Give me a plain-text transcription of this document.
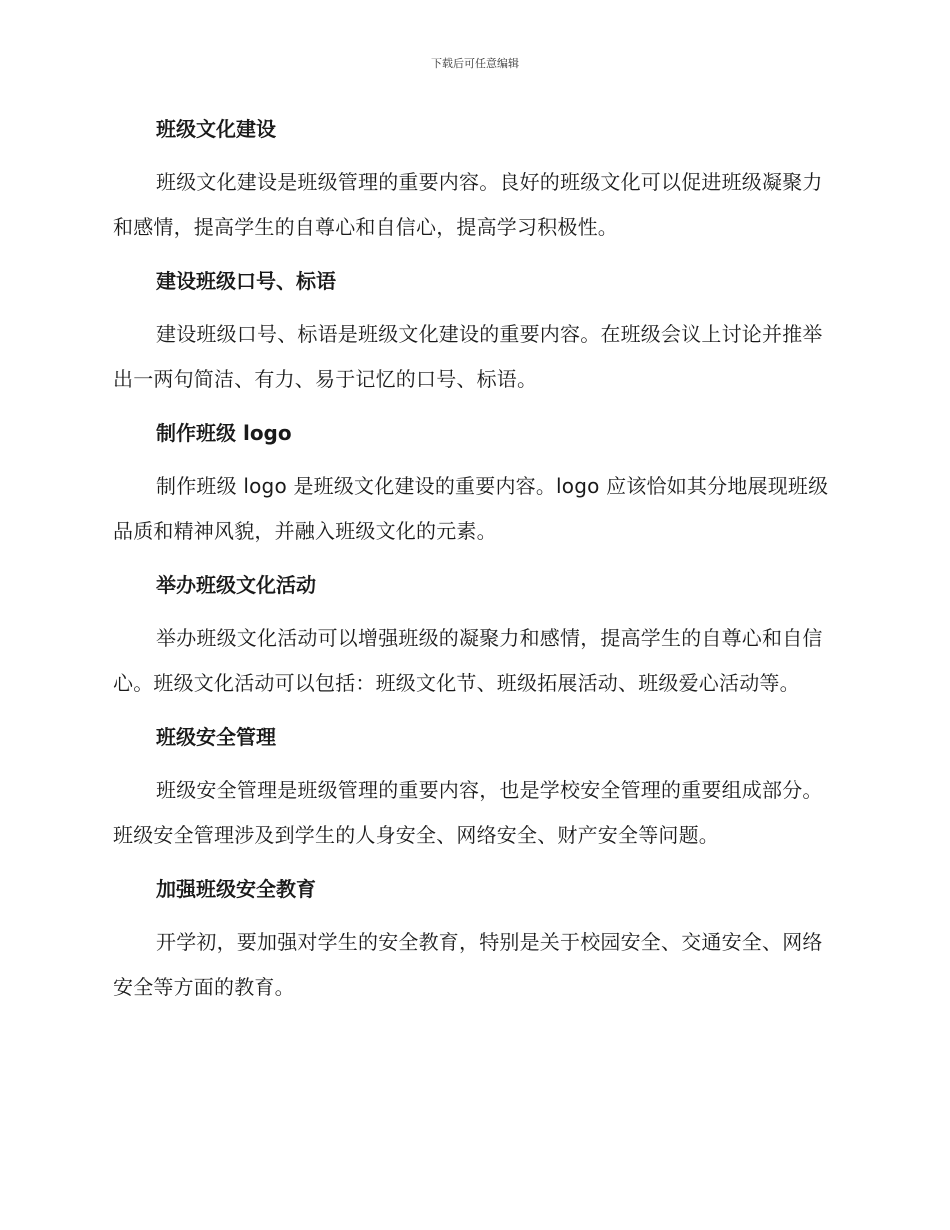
下载后可任意编辑
班级文化建设
班级文化建设是班级管理的重要内容。良好的班级文化可以促进班级凝聚力和感情，提高学生的自尊心和自信心，提高学习积极性。
建设班级口号、标语
建设班级口号、标语是班级文化建设的重要内容。在班级会议上讨论并推举出一两句简洁、有力、易于记忆的口号、标语。
制作班级 logo
制作班级 logo 是班级文化建设的重要内容。logo 应该恰如其分地展现班级品质和精神风貌，并融入班级文化的元素。
举办班级文化活动
举办班级文化活动可以增强班级的凝聚力和感情，提高学生的自尊心和自信心。班级文化活动可以包括：班级文化节、班级拓展活动、班级爱心活动等。
班级安全管理
班级安全管理是班级管理的重要内容，也是学校安全管理的重要组成部分。班级安全管理涉及到学生的人身安全、网络安全、财产安全等问题。
加强班级安全教育
开学初，要加强对学生的安全教育，特别是关于校园安全、交通安全、网络安全等方面的教育。
